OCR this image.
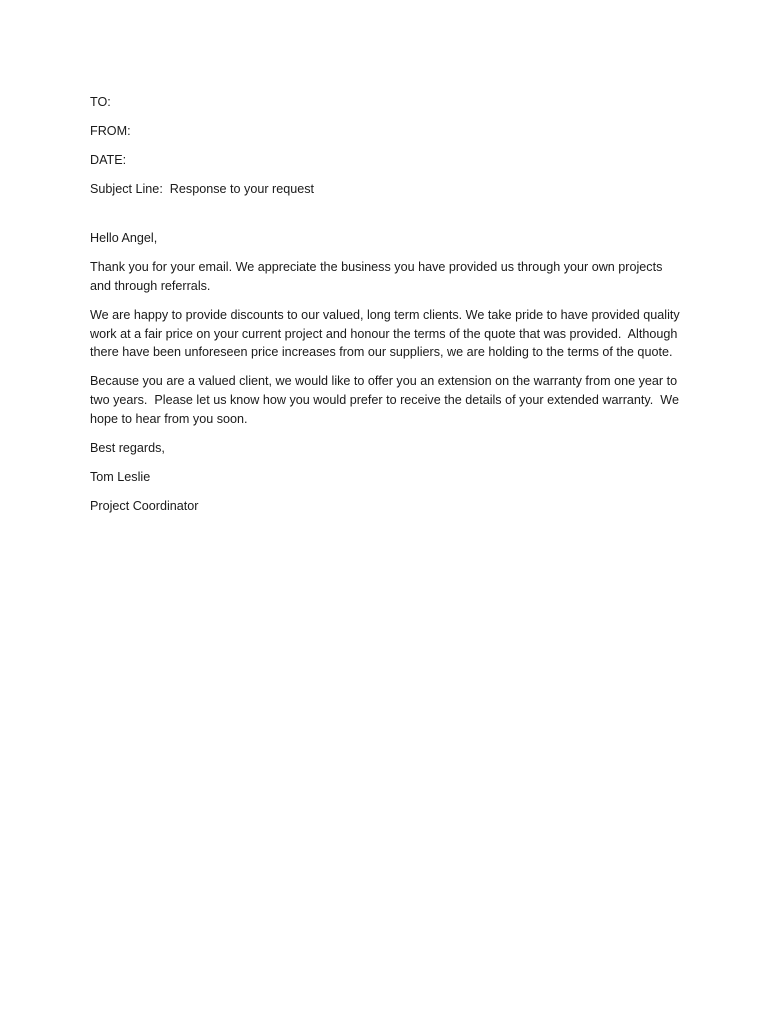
TO:
FROM:
DATE:
Subject Line:  Response to your request
Hello Angel,
Thank you for your email. We appreciate the business you have provided us through your own projects and through referrals.
We are happy to provide discounts to our valued, long term clients. We take pride to have provided quality work at a fair price on your current project and honour the terms of the quote that was provided.  Although there have been unforeseen price increases from our suppliers, we are holding to the terms of the quote.
Because you are a valued client, we would like to offer you an extension on the warranty from one year to two years.  Please let us know how you would prefer to receive the details of your extended warranty.  We hope to hear from you soon.
Best regards,
Tom Leslie
Project Coordinator
